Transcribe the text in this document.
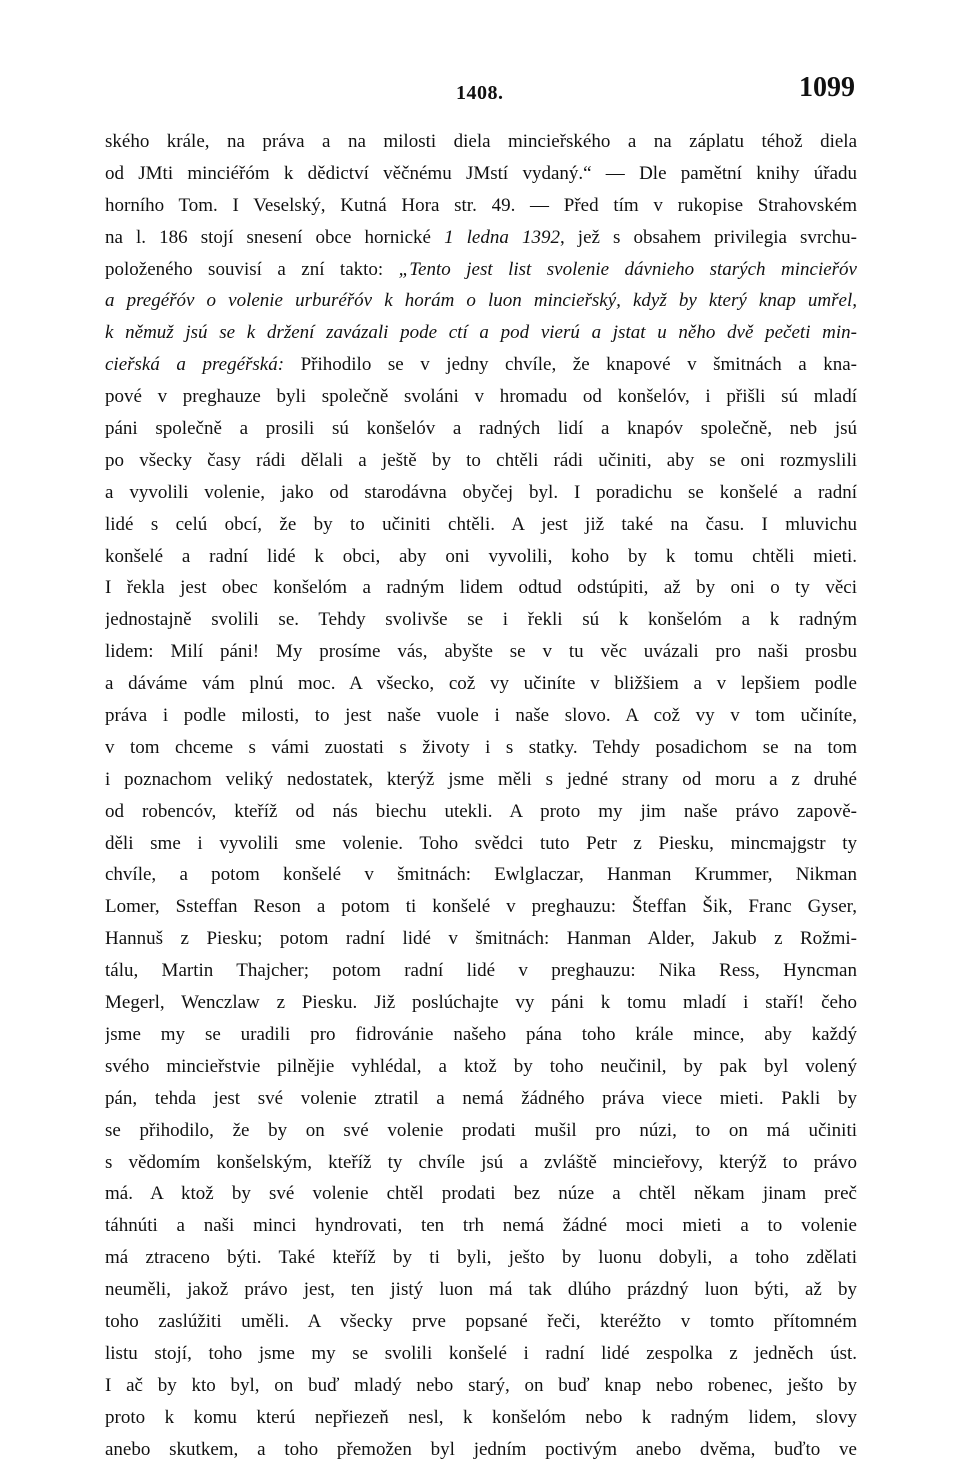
1408.	1099
ského krále, na práva a na milosti diela mincieřského a na záplatu téhož diela
od JMti minciéřóm k dědictví věčnému JMstí vydaný.“ — Dle pamětní knihy úřadu
horního Tom. I Veselský, Kutná Hora str. 49. — Před tím v rukopise Strahovském
na l. 186 stojí snesení obce hornické 1 ledna 1392, jež s obsahem privilegia svrchu-
položeného souvisí a zní takto: „Tento jest list svolenie dávnieho starých mincieřóv
a pregéřóv o volenie urburéřóv k horám o luon mincieřský, když by který knap umřel,
k němuž jsú se k držení zavázali pode ctí a pod vierú a jstat u něho dvě pečeti min-
cieřská a pregéřská: Přihodilo se v jedny chvíle, že knapové v šmitnách a kna-
pové v preghauze byli společně svoláni v hromadu od konšelóv, i přišli sú mladí
páni společně a prosili sú konšelóv a radných lidí a knapóv společně, neb jsú
po všecky časy rádi dělali a ještě by to chtěli rádi učiniti, aby se oni rozmyslili
a vyvolili volenie, jako od starodávna obyčej byl. I poradichu se konšelé a radní
lidé s celú obcí, že by to učiniti chtěli. A jest již také na času. I mluvichu
konšelé a radní lidé k obci, aby oni vyvolili, koho by k tomu chtěli mieti.
I řekla jest obec konšelóm a radným lidem odtud odstúpiti, až by oni o ty věci
jednostajně svolili se. Tehdy svolivše se i řekli sú k konšelóm a k radným
lidem: Milí páni! My prosíme vás, abyšte se v tu věc uvázali pro naši prosbu
a dáváme vám plnú moc. A všecko, což vy učiníte v bližšiem a v lepšiem podle
práva i podle milosti, to jest naše vuole i naše slovo. A což vy v tom učiníte,
v tom chceme s vámi zuostati s životy i s statky. Tehdy posadichom se na tom
i poznachom veliký nedostatek, kterýž jsme měli s jedné strany od moru a z druhé
od robencóv, kteříž od nás biechu utekli. A proto my jim naše právo zapově-
děli sme i vyvolili sme volenie. Toho svědci tuto Petr z Piesku, mincmajgstr ty
chvíle, a potom konšelé v šmitnách: Ewlglaczar, Hanman Krummer, Nikman
Lomer, Ssteffan Reson a potom ti konšelé v preghauzu: Šteffan Šik, Franc Gyser,
Hannuš z Piesku; potom radní lidé v šmitnách: Hanman Alder, Jakub z Rožmi-
tálu, Martin Thajcher; potom radní lidé v preghauzu: Nika Ress, Hyncman
Megerl, Wenczlaw z Piesku. Již poslúchajte vy páni k tomu mladí i staří! čeho
jsme my se uradili pro fidrovánie našeho pána toho krále mince, aby každý
svého mincieřstvie pilnějie vyhlédal, a ktož by toho neučinil, by pak byl volený
pán, tehda jest své volenie ztratil a nemá žádného práva viece mieti. Pakli by
se přihodilo, že by on své volenie prodati mušil pro núzi, to on má učiniti
s vědomím konšelským, kteříž ty chvíle jsú a zvláště mincieřovy, kterýž to právo
má. A ktož by své volenie chtěl prodati bez núze a chtěl někam jinam preč
táhnúti a naši minci hyndrovati, ten trh nemá žádné moci mieti a to volenie
má ztraceno býti. Také kteříž by ti byli, ješto by luonu dobyli, a toho zdělati
neuměli, jakož právo jest, ten jistý luon má tak dlúho prázdný luon býti, až by
toho zaslúžiti uměli. A všecky prve popsané řeči, kteréžto v tomto přítomném
listu stojí, toho jsme my se svolili konšelé i radní lidé zespolka z jedněch úst.
I ač by kto byl, on buď mladý nebo starý, on buď knap nebo robenec, ješto by
proto k komu kterú nepřiezeň nesl, k konšelóm nebo k radným lidem, slovy
anebo skutkem, a toho přemožen byl jedním poctivým anebo dvěma, buďto ve
